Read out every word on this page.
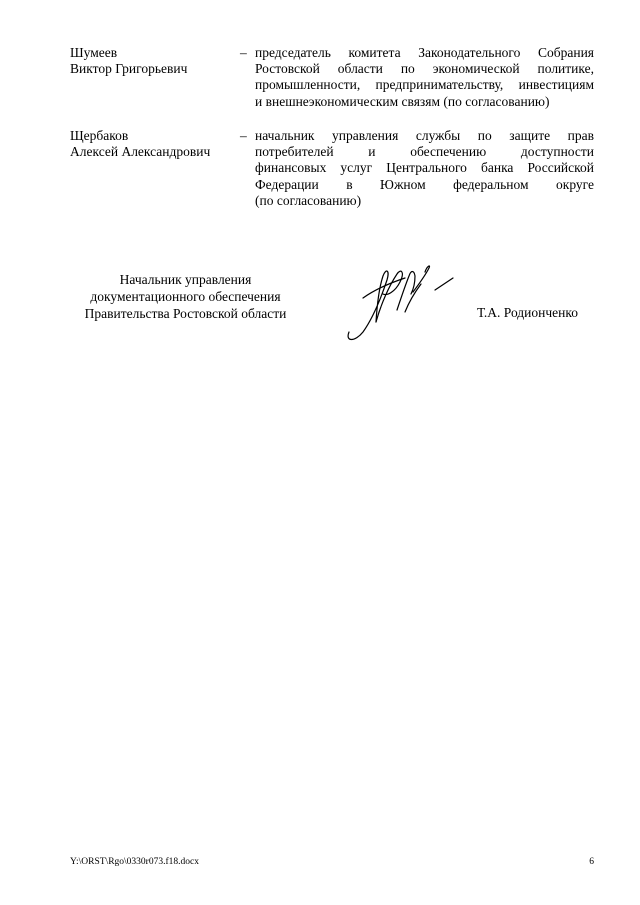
Шумеев
Виктор Григорьевич
– председатель комитета Законодательного Собрания
Ростовской области по экономической политике,
промышленности, предпринимательству, инвестициям
и внешнеэкономическим связям (по согласованию)
Щербаков
Алексей Александрович
– начальник управления службы по защите прав
потребителей и обеспечению доступности
финансовых услуг Центрального банка Российской
Федерации в Южном федеральном округе
(по согласованию)
Начальник управления
документационного обеспечения
Правительства Ростовской области	Т.А. Родионченко
Y:\ORST\Rgo\0330r073.f18.docx	6
